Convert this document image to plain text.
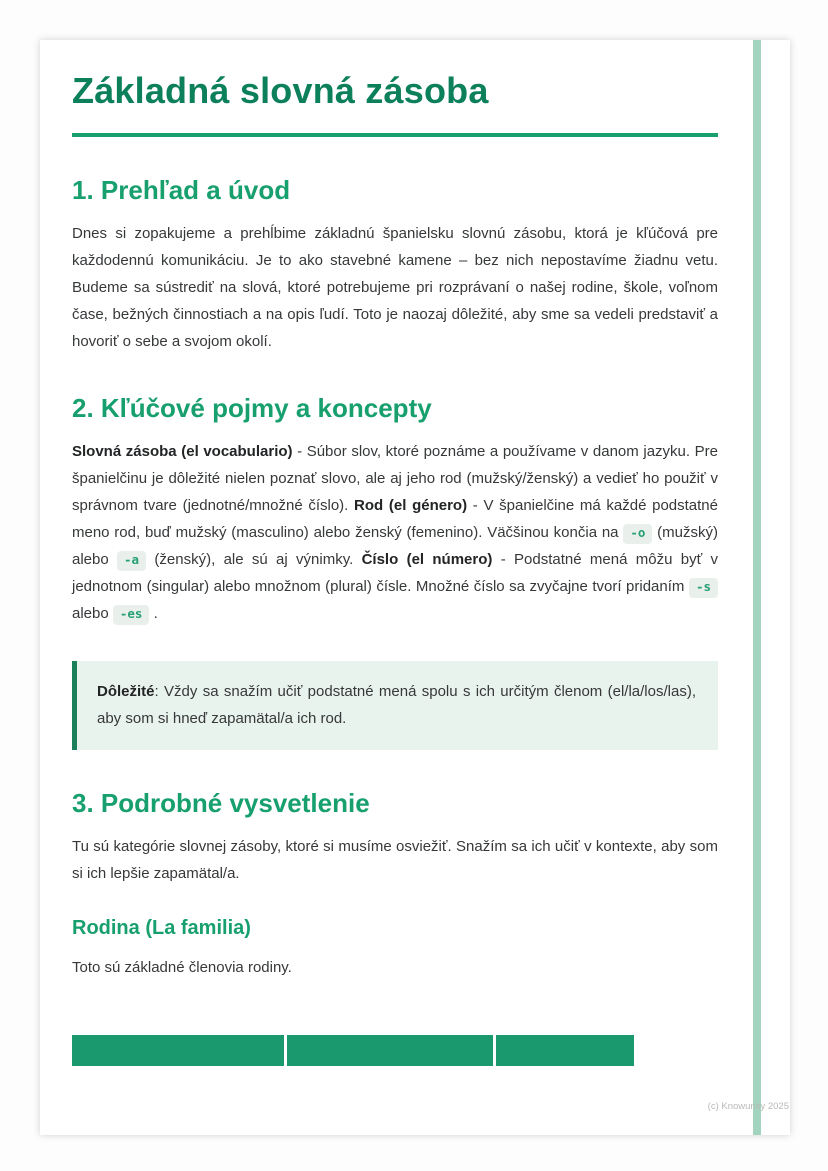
Základná slovná zásoba
1. Prehľad a úvod

Dnes si zopakujeme a prehĺbime základnú španielsku slovnú zásobu, ktorá je kľúčová pre každodennú komunikáciu. Je to ako stavebné kamene – bez nich nepostavíme žiadnu vetu. Budeme sa sústrediť na slová, ktoré potrebujeme pri rozprávaní o našej rodine, škole, voľnom čase, bežných činnostiach a na opis ľudí. Toto je naozaj dôležité, aby sme sa vedeli predstaviť a hovoriť o sebe a svojom okolí.

2. Kľúčové pojmy a koncepty

Slovná zásoba (el vocabulario) - Súbor slov, ktoré poznáme a používame v danom jazyku. Pre španielčinu je dôležité nielen poznať slovo, ale aj jeho rod (mužský/ženský) a vedieť ho použiť v správnom tvare (jednotné/množné číslo). Rod (el género) - V španielčine má každé podstatné meno rod, buď mužský (masculino) alebo ženský (femenino). Väčšinou končia na -o (mužský) alebo -a (ženský), ale sú aj výnimky. Číslo (el número) - Podstatné mená môžu byť v jednotnom (singular) alebo množnom (plural) čísle. Množné číslo sa zvyčajne tvorí pridaním -s alebo -es .

Dôležité: Vždy sa snažím učiť podstatné mená spolu s ich určitým členom (el/la/los/las), aby som si hneď zapamätal/a ich rod.

3. Podrobné vysvetlenie

Tu sú kategórie slovnej zásoby, ktoré si musíme osviežiť. Snažím sa ich učiť v kontexte, aby som si ich lepšie zapamätal/a.

Rodina (La familia)

Toto sú základné členovia rodiny.

(c) Knowunity 2025
